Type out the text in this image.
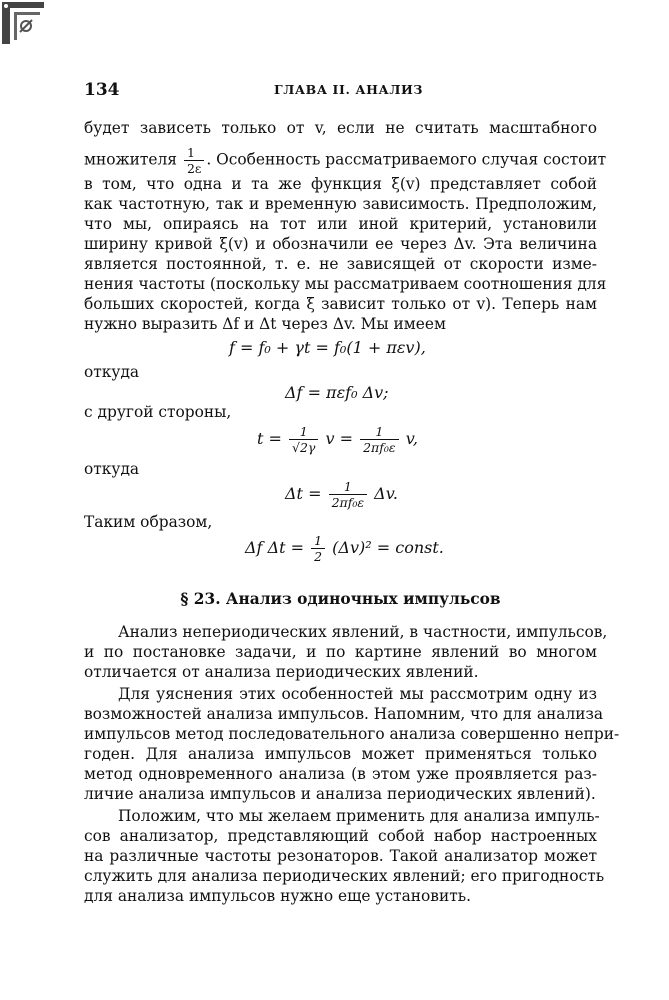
134	ГЛАВА II. АНАЛИЗ
будет зависеть только от v, если не считать масштабного
множителя $\frac{1}{2\varepsilon}$ . Особенность рассматриваемого случая состоит
в том, что одна и та же функция ξ(v) представляет собой
как частотную, так и временную зависимость. Предположим,
что мы, опираясь на тот или иной критерий, установили
ширину кривой ξ(v) и обозначили ее через Δv. Эта величина
является постоянной, т. е. не зависящей от скорости изме-
нения частоты (поскольку мы рассматриваем соотношения для
больших скоростей, когда ξ зависит только от v). Теперь нам
нужно выразить Δf и Δt через Δv. Мы имеем
f = f₀ + γt = f₀(1 + πεv),
откуда
Δf = πεf₀ Δv;
с другой стороны,
$t = \frac{1}{√2\gamma}$ $v = \frac{1}{\text{2πf₀ε}} v$,
откуда
$\Delta t = \frac{1}{\text{2πf₀ε}} \Delta v$.
Таким образом,
Δf $\Delta t = \frac{1}{2} (\Delta v)^2$ = const.
§ 23. Анализ одиночных импульсов
Анализ непериодических явлений, в частности, импульсов,
и по постановке задачи, и по картине явлений во многом
отличается от анализа периодических явлений.
Для уяснения этих особенностей мы рассмотрим одну из
возможностей анализа импульсов. Напомним, что для анализа
импульсов метод последовательного анализа совершенно непри-
годен. Для анализа импульсов может применяться только
метод одновременного анализа (в этом уже проявляется раз-
личие анализа импульсов и анализа периодических явлений).
Положим, что мы желаем применить для анализа импуль-
сов анализатор, представляющий собой набор настроенных
на различные частоты резонаторов. Такой анализатор может
служить для анализа периодических явлений; его пригодность
для анализа импульсов нужно еще установить.
